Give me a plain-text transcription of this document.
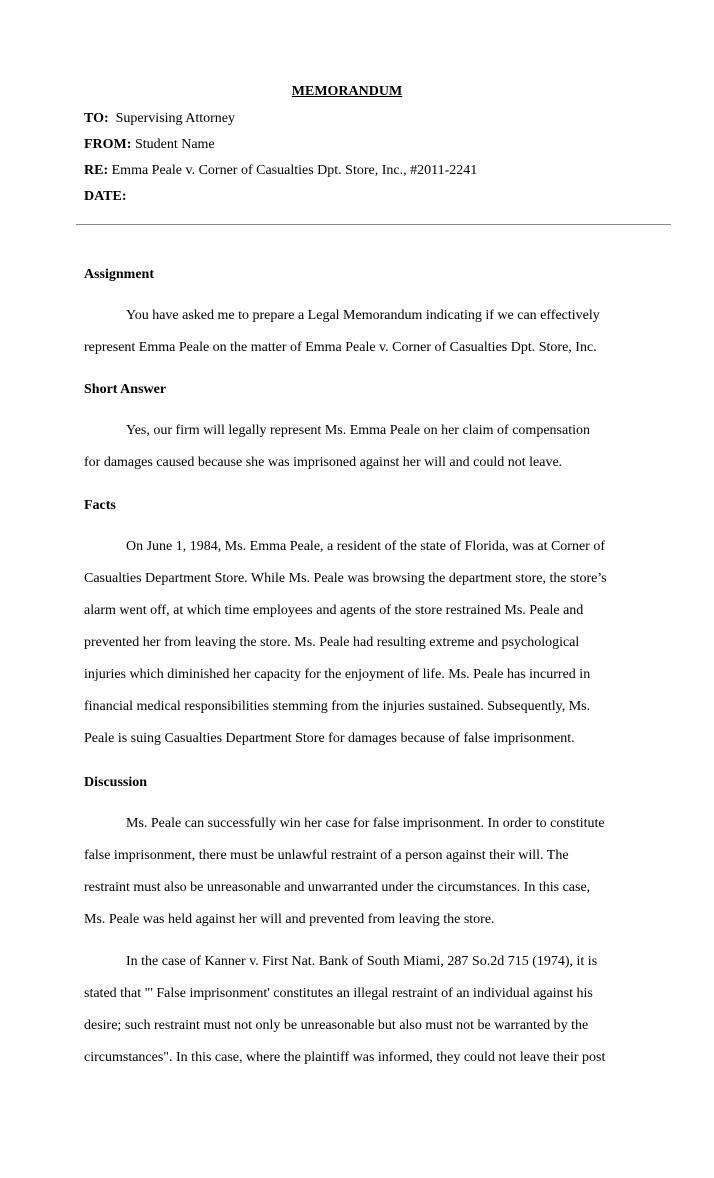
MEMORANDUM
TO: Supervising Attorney
FROM: Student Name
RE: Emma Peale v. Corner of Casualties Dpt. Store, Inc., #2011-2241
DATE:
Assignment
You have asked me to prepare a Legal Memorandum indicating if we can effectively
represent Emma Peale on the matter of Emma Peale v. Corner of Casualties Dpt. Store, Inc.
Short Answer
Yes, our firm will legally represent Ms. Emma Peale on her claim of compensation
for damages caused because she was imprisoned against her will and could not leave.
Facts
On June 1, 1984, Ms. Emma Peale, a resident of the state of Florida, was at Corner of
Casualties Department Store. While Ms. Peale was browsing the department store, the store’s
alarm went off, at which time employees and agents of the store restrained Ms. Peale and
prevented her from leaving the store. Ms. Peale had resulting extreme and psychological
injuries which diminished her capacity for the enjoyment of life. Ms. Peale has incurred in
financial medical responsibilities stemming from the injuries sustained. Subsequently, Ms.
Peale is suing Casualties Department Store for damages because of false imprisonment.
Discussion
Ms. Peale can successfully win her case for false imprisonment. In order to constitute
false imprisonment, there must be unlawful restraint of a person against their will. The
restraint must also be unreasonable and unwarranted under the circumstances. In this case,
Ms. Peale was held against her will and prevented from leaving the store.
In the case of Kanner v. First Nat. Bank of South Miami, 287 So.2d 715 (1974), it is
stated that "' False imprisonment' constitutes an illegal restraint of an individual against his
desire; such restraint must not only be unreasonable but also must not be warranted by the
circumstances". In this case, where the plaintiff was informed, they could not leave their post
